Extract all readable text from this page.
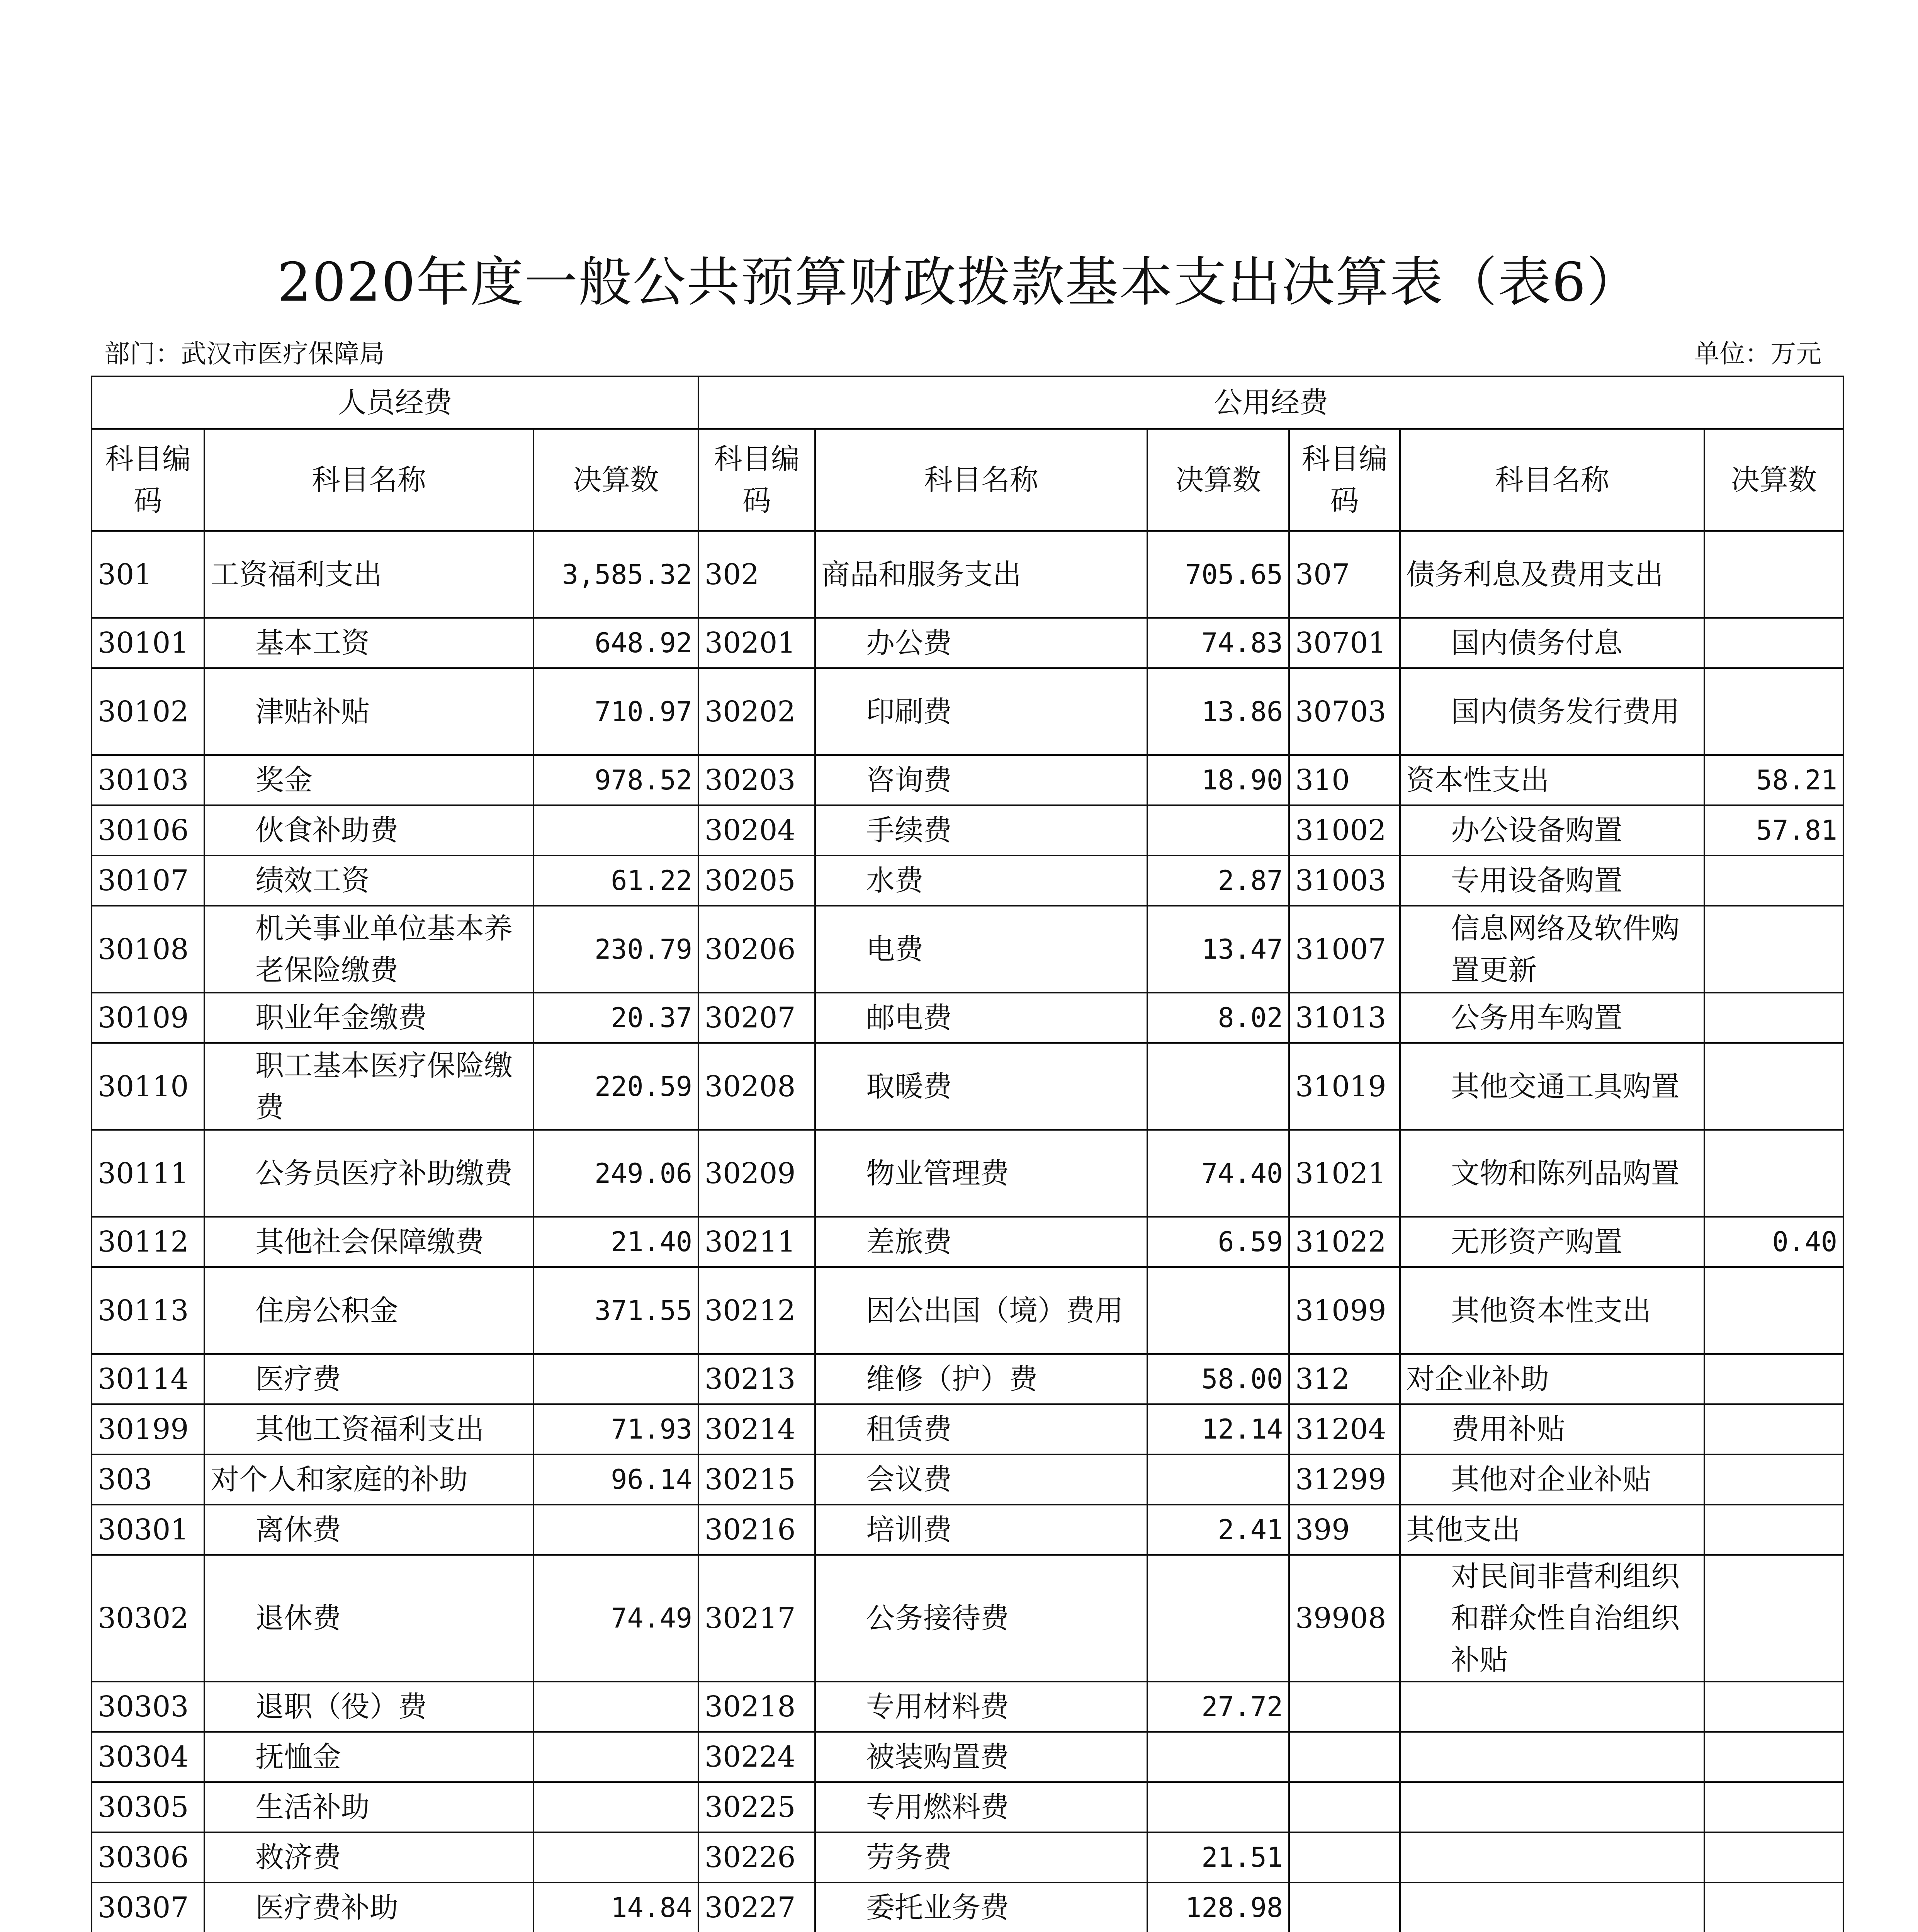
2020年度一般公共预算财政拨款基本支出决算表（表6）
部门：武汉市医疗保障局	单位：万元
人员经费			公用经费					
科目编码	科目名称	决算数	科目编码	科目名称	决算数	科目编码	科目名称	决算数
301	工资福利支出	3,585.32	302	商品和服务支出	705.65	307	债务利息及费用支出	
30101	基本工资	648.92	30201	办公费	74.83	30701	国内债务付息	
30102	津贴补贴	710.97	30202	印刷费	13.86	30703	国内债务发行费用	
30103	奖金	978.52	30203	咨询费	18.90	310	资本性支出	58.21
30106	伙食补助费		30204	手续费		31002	办公设备购置	57.81
30107	绩效工资	61.22	30205	水费	2.87	31003	专用设备购置	
30108	机关事业单位基本养老保险缴费	230.79	30206	电费	13.47	31007	信息网络及软件购置更新	
30109	职业年金缴费	20.37	30207	邮电费	8.02	31013	公务用车购置	
30110	职工基本医疗保险缴费	220.59	30208	取暖费		31019	其他交通工具购置	
30111	公务员医疗补助缴费	249.06	30209	物业管理费	74.40	31021	文物和陈列品购置	
30112	其他社会保障缴费	21.40	30211	差旅费	6.59	31022	无形资产购置	0.40
30113	住房公积金	371.55	30212	因公出国（境）费用		31099	其他资本性支出	
30114	医疗费		30213	维修（护）费	58.00	312	对企业补助	
30199	其他工资福利支出	71.93	30214	租赁费	12.14	31204	费用补贴	
303	对个人和家庭的补助	96.14	30215	会议费		31299	其他对企业补贴	
30301	离休费		30216	培训费	2.41	399	其他支出	
30302	退休费	74.49	30217	公务接待费		39908	对民间非营利组织和群众性自治组织补贴	
30303	退职（役）费		30218	专用材料费	27.72			
30304	抚恤金		30224	被装购置费				
30305	生活补助		30225	专用燃料费				
30306	救济费		30226	劳务费	21.51			
30307	医疗费补助	14.84	30227	委托业务费	128.98			
